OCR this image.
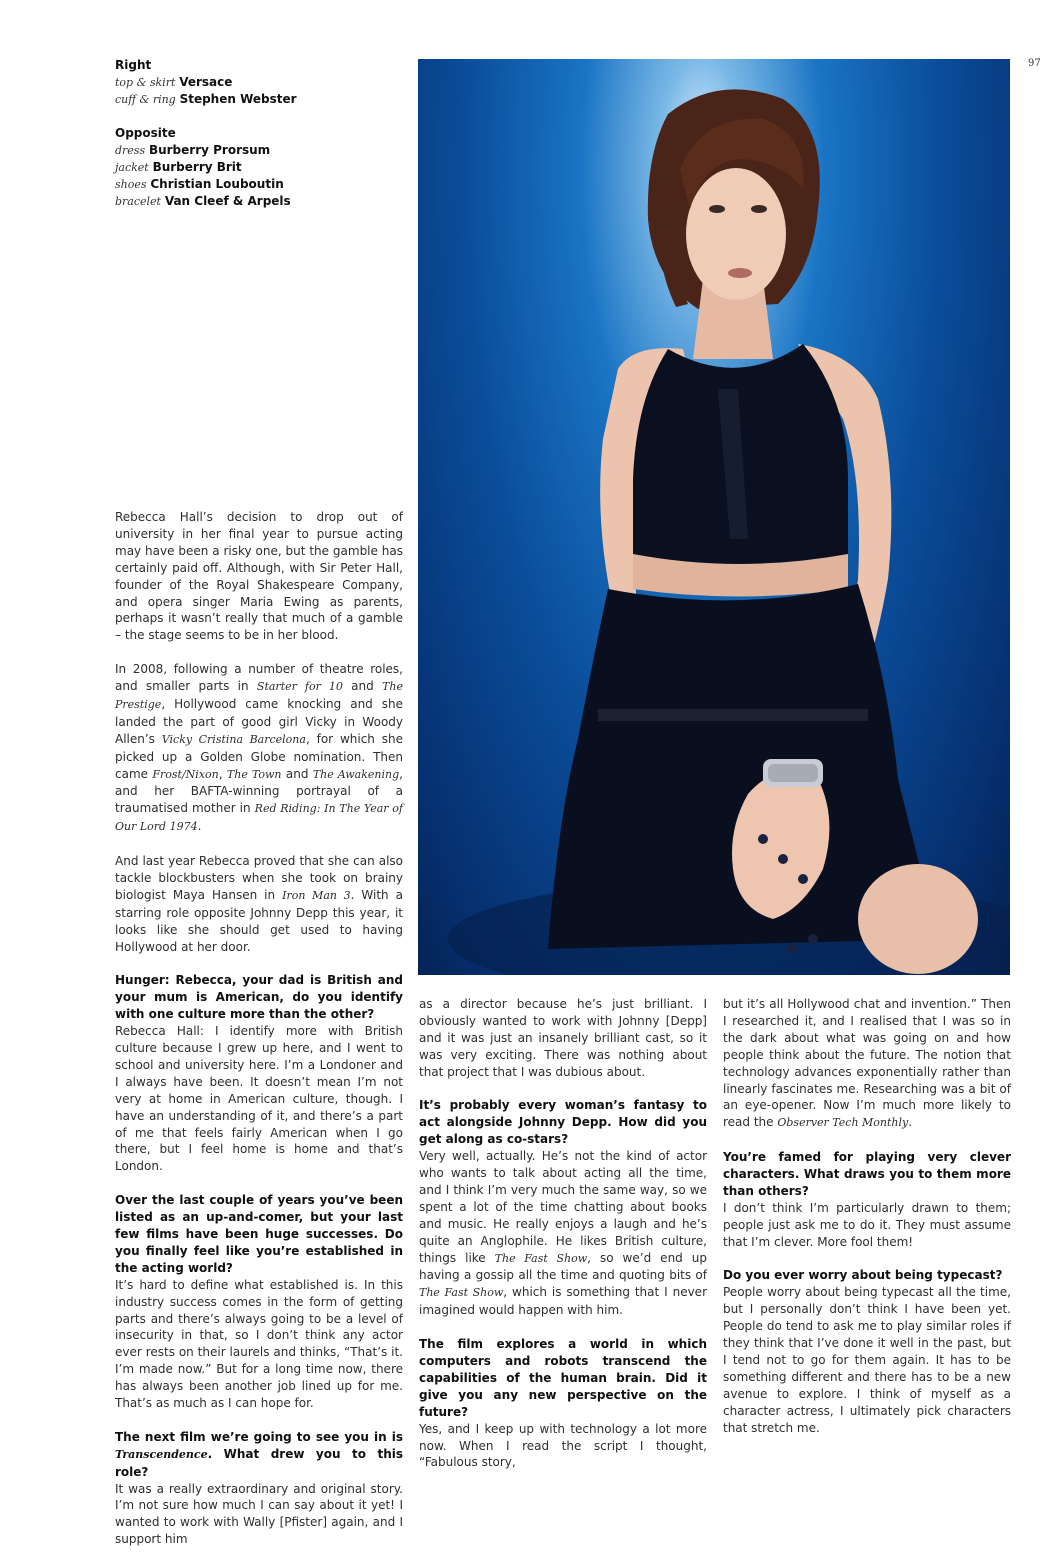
97
Right
top & skirt Versace
cuff & ring Stephen Webster
Opposite
dress Burberry Prorsum
jacket Burberry Brit
shoes Christian Louboutin
bracelet Van Cleef & Arpels

Rebecca Hall’s decision to drop out of university in her final year to pursue acting may have been a risky one, but the gamble has certainly paid off. Although, with Sir Peter Hall, founder of the Royal Shakespeare Company, and opera singer Maria Ewing as parents, perhaps it wasn’t really that much of a gamble – the stage seems to be in her blood.

In 2008, following a number of theatre roles, and smaller parts in Starter for 10 and The Prestige, Hollywood came knocking and she landed the part of good girl Vicky in Woody Allen’s Vicky Cristina Barcelona, for which she picked up a Golden Globe nomination. Then came Frost/Nixon, The Town and The Awakening, and her BAFTA-winning portrayal of a traumatised mother in Red Riding: In The Year of Our Lord 1974.

And last year Rebecca proved that she can also tackle blockbusters when she took on brainy biologist Maya Hansen in Iron Man 3. With a starring role opposite Johnny Depp this year, it looks like she should get used to having Hollywood at her door.

Hunger: Rebecca, your dad is British and your mum is American, do you identify with one culture more than the other?
Rebecca Hall: I identify more with British culture because I grew up here, and I went to school and university here. I’m a Londoner and I always have been. It doesn’t mean I’m not very at home in American culture, though. I have an understanding of it, and there’s a part of me that feels fairly American when I go there, but I feel home is home and that’s London.
Over the last couple of years you’ve been listed as an up-and-comer, but your last few films have been huge successes. Do you finally feel like you’re established in the acting world?
It’s hard to define what established is. In this industry success comes in the form of getting parts and there’s always going to be a level of insecurity in that, so I don’t think any actor ever rests on their laurels and thinks, “That’s it. I’m made now.” But for a long time now, there has always been another job lined up for me. That’s as much as I can hope for.
The next film we’re going to see you in is Transcendence. What drew you to this role?
It was a really extraordinary and original story. I’m not sure how much I can say about it yet! I wanted to work with Wally [Pfister] again, and I support him
as a director because he’s just brilliant. I obviously wanted to work with Johnny [Depp] and it was just an insanely brilliant cast, so it was very exciting. There was nothing about that project that I was dubious about.
It’s probably every woman’s fantasy to act alongside Johnny Depp. How did you get along as co-stars?
Very well, actually. He’s not the kind of actor who wants to talk about acting all the time, and I think I’m very much the same way, so we spent a lot of the time chatting about books and music. He really enjoys a laugh and he’s quite an Anglophile. He likes British culture, things like The Fast Show, so we’d end up having a gossip all the time and quoting bits of The Fast Show, which is something that I never imagined would happen with him.
The film explores a world in which computers and robots transcend the capabilities of the human brain. Did it give you any new perspective on the future?
Yes, and I keep up with technology a lot more now. When I read the script I thought, “Fabulous story,
but it’s all Hollywood chat and invention.” Then I researched it, and I realised that I was so in the dark about what was going on and how people think about the future. The notion that technology advances exponentially rather than linearly fascinates me. Researching was a bit of an eye-opener. Now I’m much more likely to read the Observer Tech Monthly.
You’re famed for playing very clever characters. What draws you to them more than others?
I don’t think I’m particularly drawn to them; people just ask me to do it. They must assume that I’m clever. More fool them!
Do you ever worry about being typecast?
People worry about being typecast all the time, but I personally don’t think I have been yet. People do tend to ask me to play similar roles if they think that I’ve done it well in the past, but I tend not to go for them again. It has to be something different and there has to be a new avenue to explore. I think of myself as a character actress, I ultimately pick characters that stretch me.
